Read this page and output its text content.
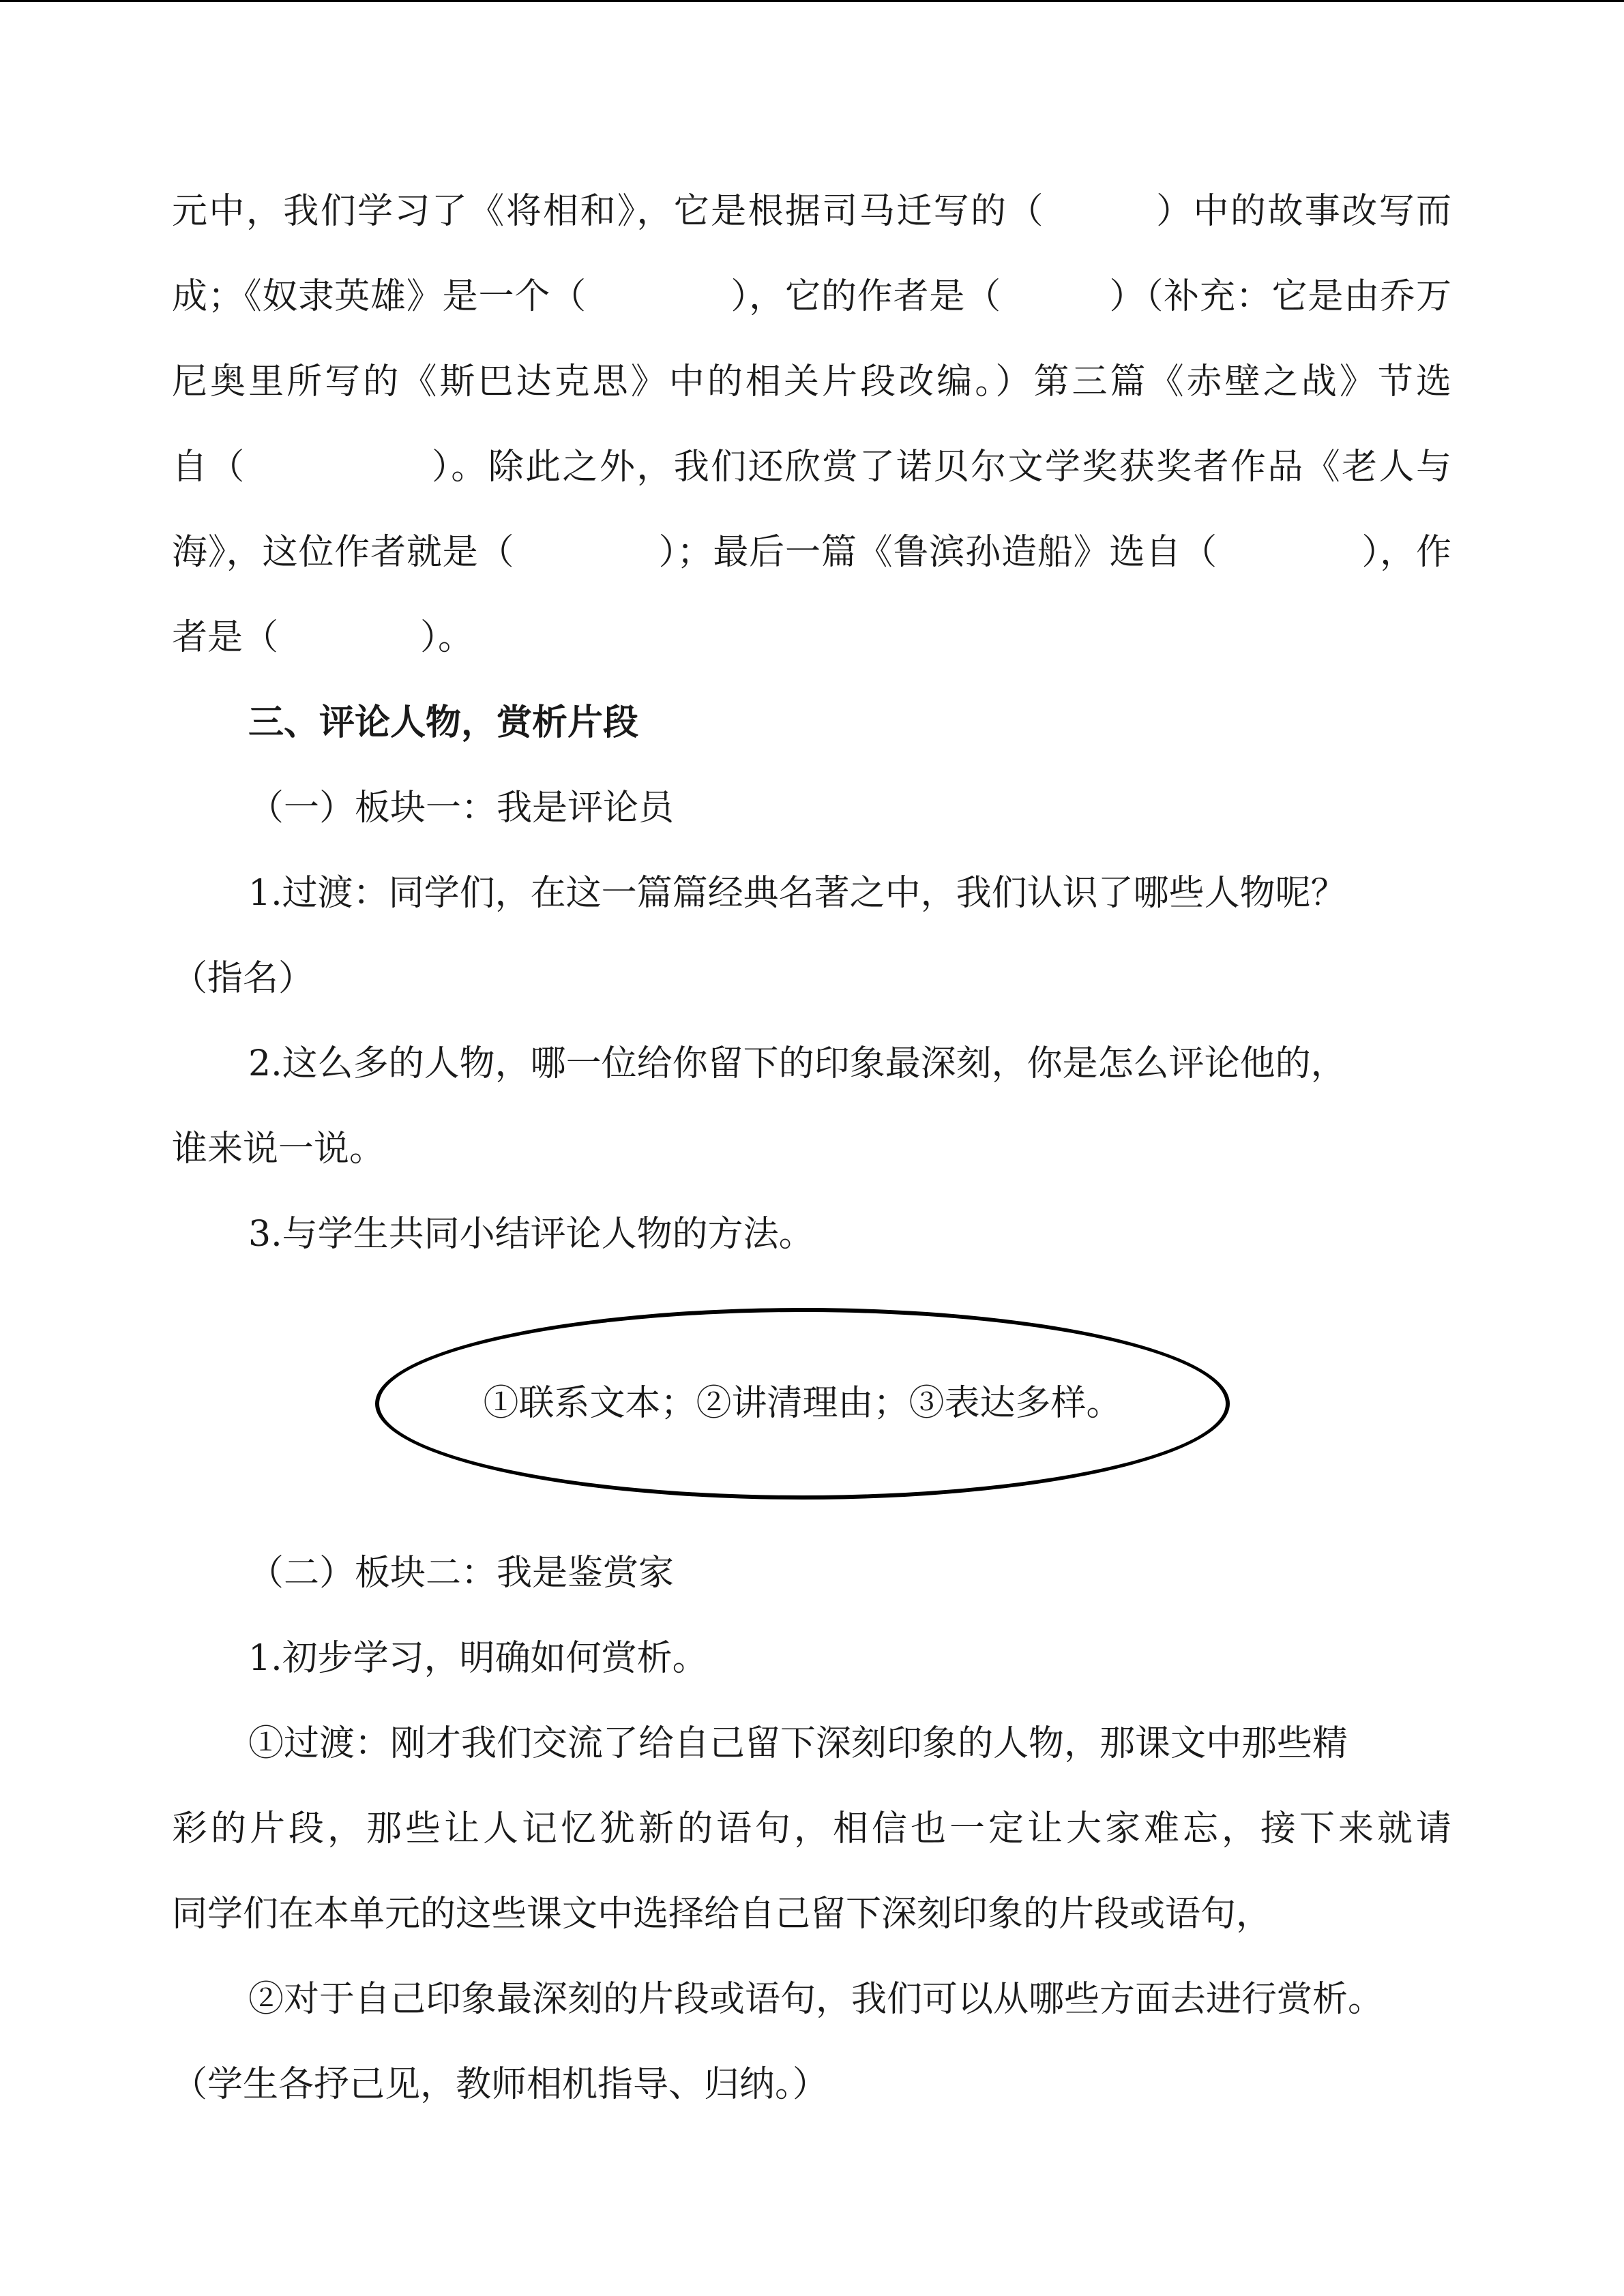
元中，我们学习了《将相和》，它是根据司马迁写的（　　　）中的故事改写而
成；《奴隶英雄》是一个（　　　　），它的作者是（　　　）（补充：它是由乔万
尼奥里所写的《斯巴达克思》中的相关片段改编。）第三篇《赤壁之战》节选
自（　　　　　）。除此之外，我们还欣赏了诺贝尔文学奖获奖者作品《老人与
海》，这位作者就是（　　　　）；最后一篇《鲁滨孙造船》选自（　　　　），作
者是（　　　　）。
三、评论人物，赏析片段
（一）板块一：我是评论员
1.过渡：同学们，在这一篇篇经典名著之中，我们认识了哪些人物呢？
（指名）
2.这么多的人物，哪一位给你留下的印象最深刻，你是怎么评论他的，
谁来说一说。
3.与学生共同小结评论人物的方法。
①联系文本；②讲清理由；③表达多样。
（二）板块二：我是鉴赏家
1.初步学习，明确如何赏析。
①过渡：刚才我们交流了给自己留下深刻印象的人物，那课文中那些精
彩的片段，那些让人记忆犹新的语句，相信也一定让大家难忘，接下来就请
同学们在本单元的这些课文中选择给自己留下深刻印象的片段或语句，
②对于自己印象最深刻的片段或语句，我们可以从哪些方面去进行赏析。
（学生各抒己见，教师相机指导、归纳。）
